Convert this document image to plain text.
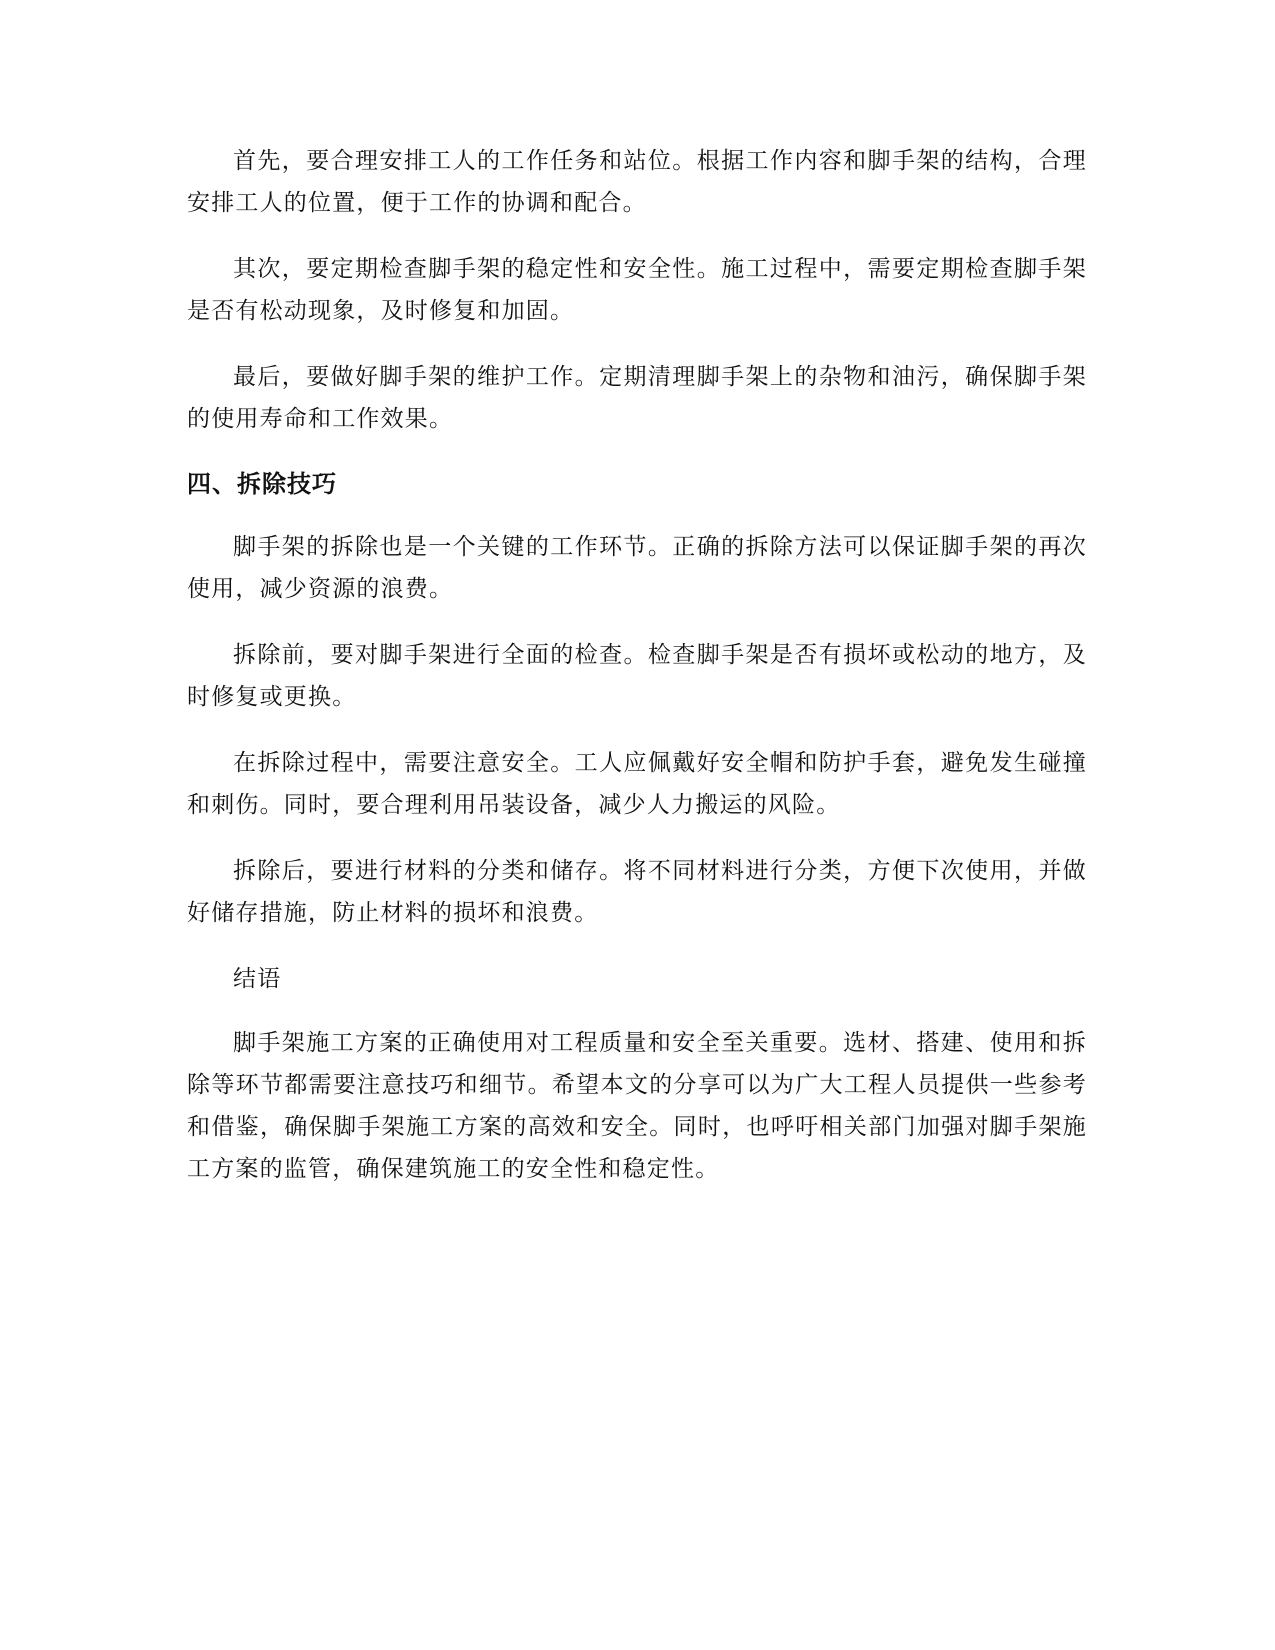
首先，要合理安排工人的工作任务和站位。根据工作内容和脚手架的结构，合理安排工人的位置，便于工作的协调和配合。

其次，要定期检查脚手架的稳定性和安全性。施工过程中，需要定期检查脚手架是否有松动现象，及时修复和加固。

最后，要做好脚手架的维护工作。定期清理脚手架上的杂物和油污，确保脚手架的使用寿命和工作效果。

四、拆除技巧

脚手架的拆除也是一个关键的工作环节。正确的拆除方法可以保证脚手架的再次使用，减少资源的浪费。

拆除前，要对脚手架进行全面的检查。检查脚手架是否有损坏或松动的地方，及时修复或更换。

在拆除过程中，需要注意安全。工人应佩戴好安全帽和防护手套，避免发生碰撞和刺伤。同时，要合理利用吊装设备，减少人力搬运的风险。

拆除后，要进行材料的分类和储存。将不同材料进行分类，方便下次使用，并做好储存措施，防止材料的损坏和浪费。

结语

脚手架施工方案的正确使用对工程质量和安全至关重要。选材、搭建、使用和拆除等环节都需要注意技巧和细节。希望本文的分享可以为广大工程人员提供一些参考和借鉴，确保脚手架施工方案的高效和安全。同时，也呼吁相关部门加强对脚手架施工方案的监管，确保建筑施工的安全性和稳定性。
